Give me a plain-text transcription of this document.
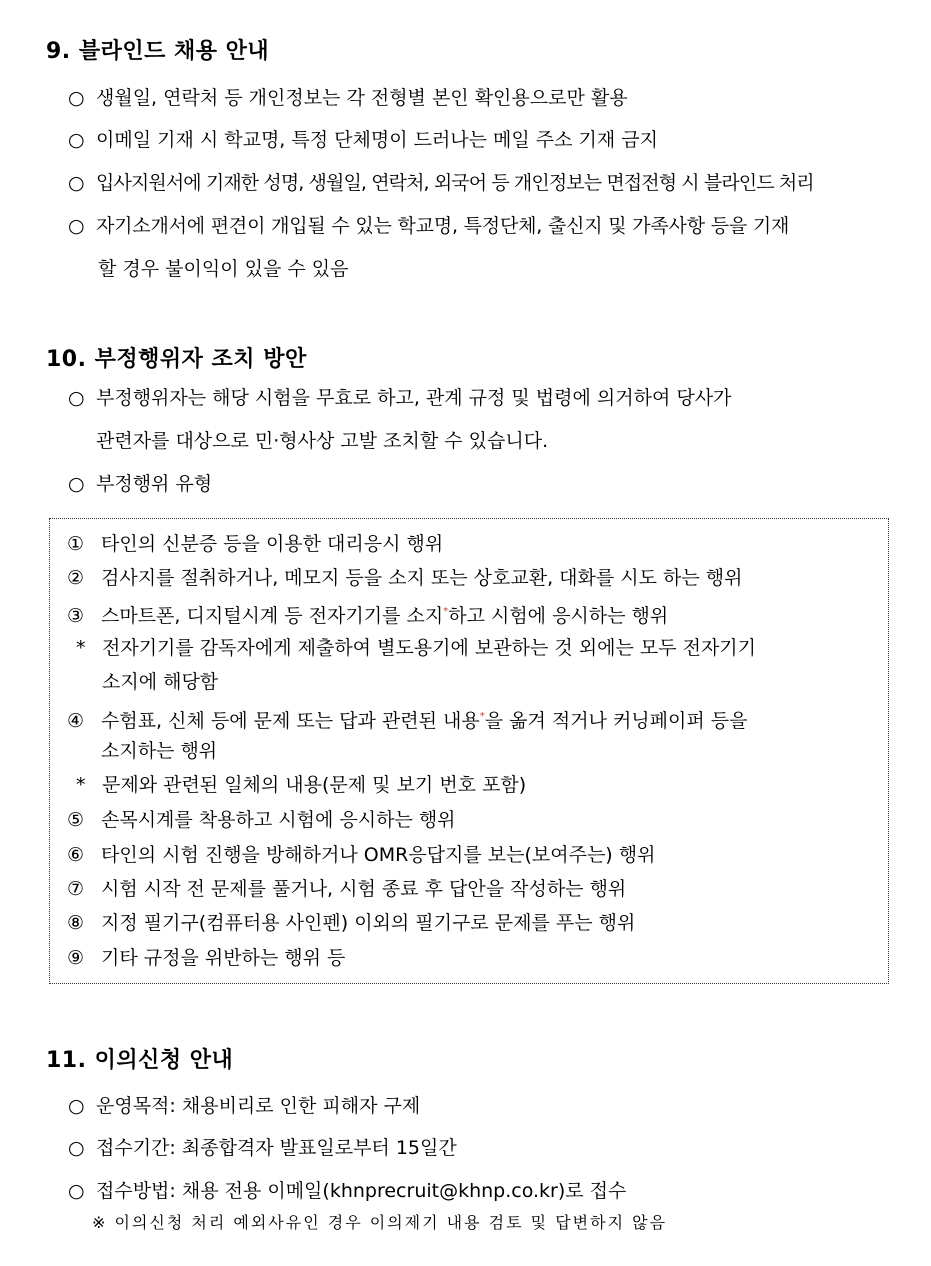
9. 블라인드 채용 안내
○ 생월일, 연락처 등 개인정보는 각 전형별 본인 확인용으로만 활용
○ 이메일 기재 시 학교명, 특정 단체명이 드러나는 메일 주소 기재 금지
○ 입사지원서에 기재한 성명, 생월일, 연락처, 외국어 등 개인정보는 면접전형 시 블라인드 처리
○ 자기소개서에 편견이 개입될 수 있는 학교명, 특정단체, 출신지 및 가족사항 등을 기재
할 경우 불이익이 있을 수 있음
10. 부정행위자 조치 방안
○ 부정행위자는 해당 시험을 무효로 하고, 관계 규정 및 법령에 의거하여 당사가
관련자를 대상으로 민·형사상 고발 조치할 수 있습니다.
○ 부정행위 유형
① 타인의 신분증 등을 이용한 대리응시 행위
② 검사지를 절취하거나, 메모지 등을 소지 또는 상호교환, 대화를 시도 하는 행위
③ 스마트폰, 디지털시계 등 전자기기를 소지*하고 시험에 응시하는 행위
* 전자기기를 감독자에게 제출하여 별도용기에 보관하는 것 외에는 모두 전자기기
소지에 해당함
④ 수험표, 신체 등에 문제 또는 답과 관련된 내용*을 옮겨 적거나 커닝페이퍼 등을
소지하는 행위
* 문제와 관련된 일체의 내용(문제 및 보기 번호 포함)
⑤ 손목시계를 착용하고 시험에 응시하는 행위
⑥ 타인의 시험 진행을 방해하거나 OMR응답지를 보는(보여주는) 행위
⑦ 시험 시작 전 문제를 풀거나, 시험 종료 후 답안을 작성하는 행위
⑧ 지정 필기구(컴퓨터용 사인펜) 이외의 필기구로 문제를 푸는 행위
⑨ 기타 규정을 위반하는 행위 등
11. 이의신청 안내
○ 운영목적: 채용비리로 인한 피해자 구제
○ 접수기간: 최종합격자 발표일로부터 15일간
○ 접수방법: 채용 전용 이메일(khnprecruit@khnp.co.kr)로 접수
※ 이의신청 처리 예외사유인 경우 이의제기 내용 검토 및 답변하지 않음
